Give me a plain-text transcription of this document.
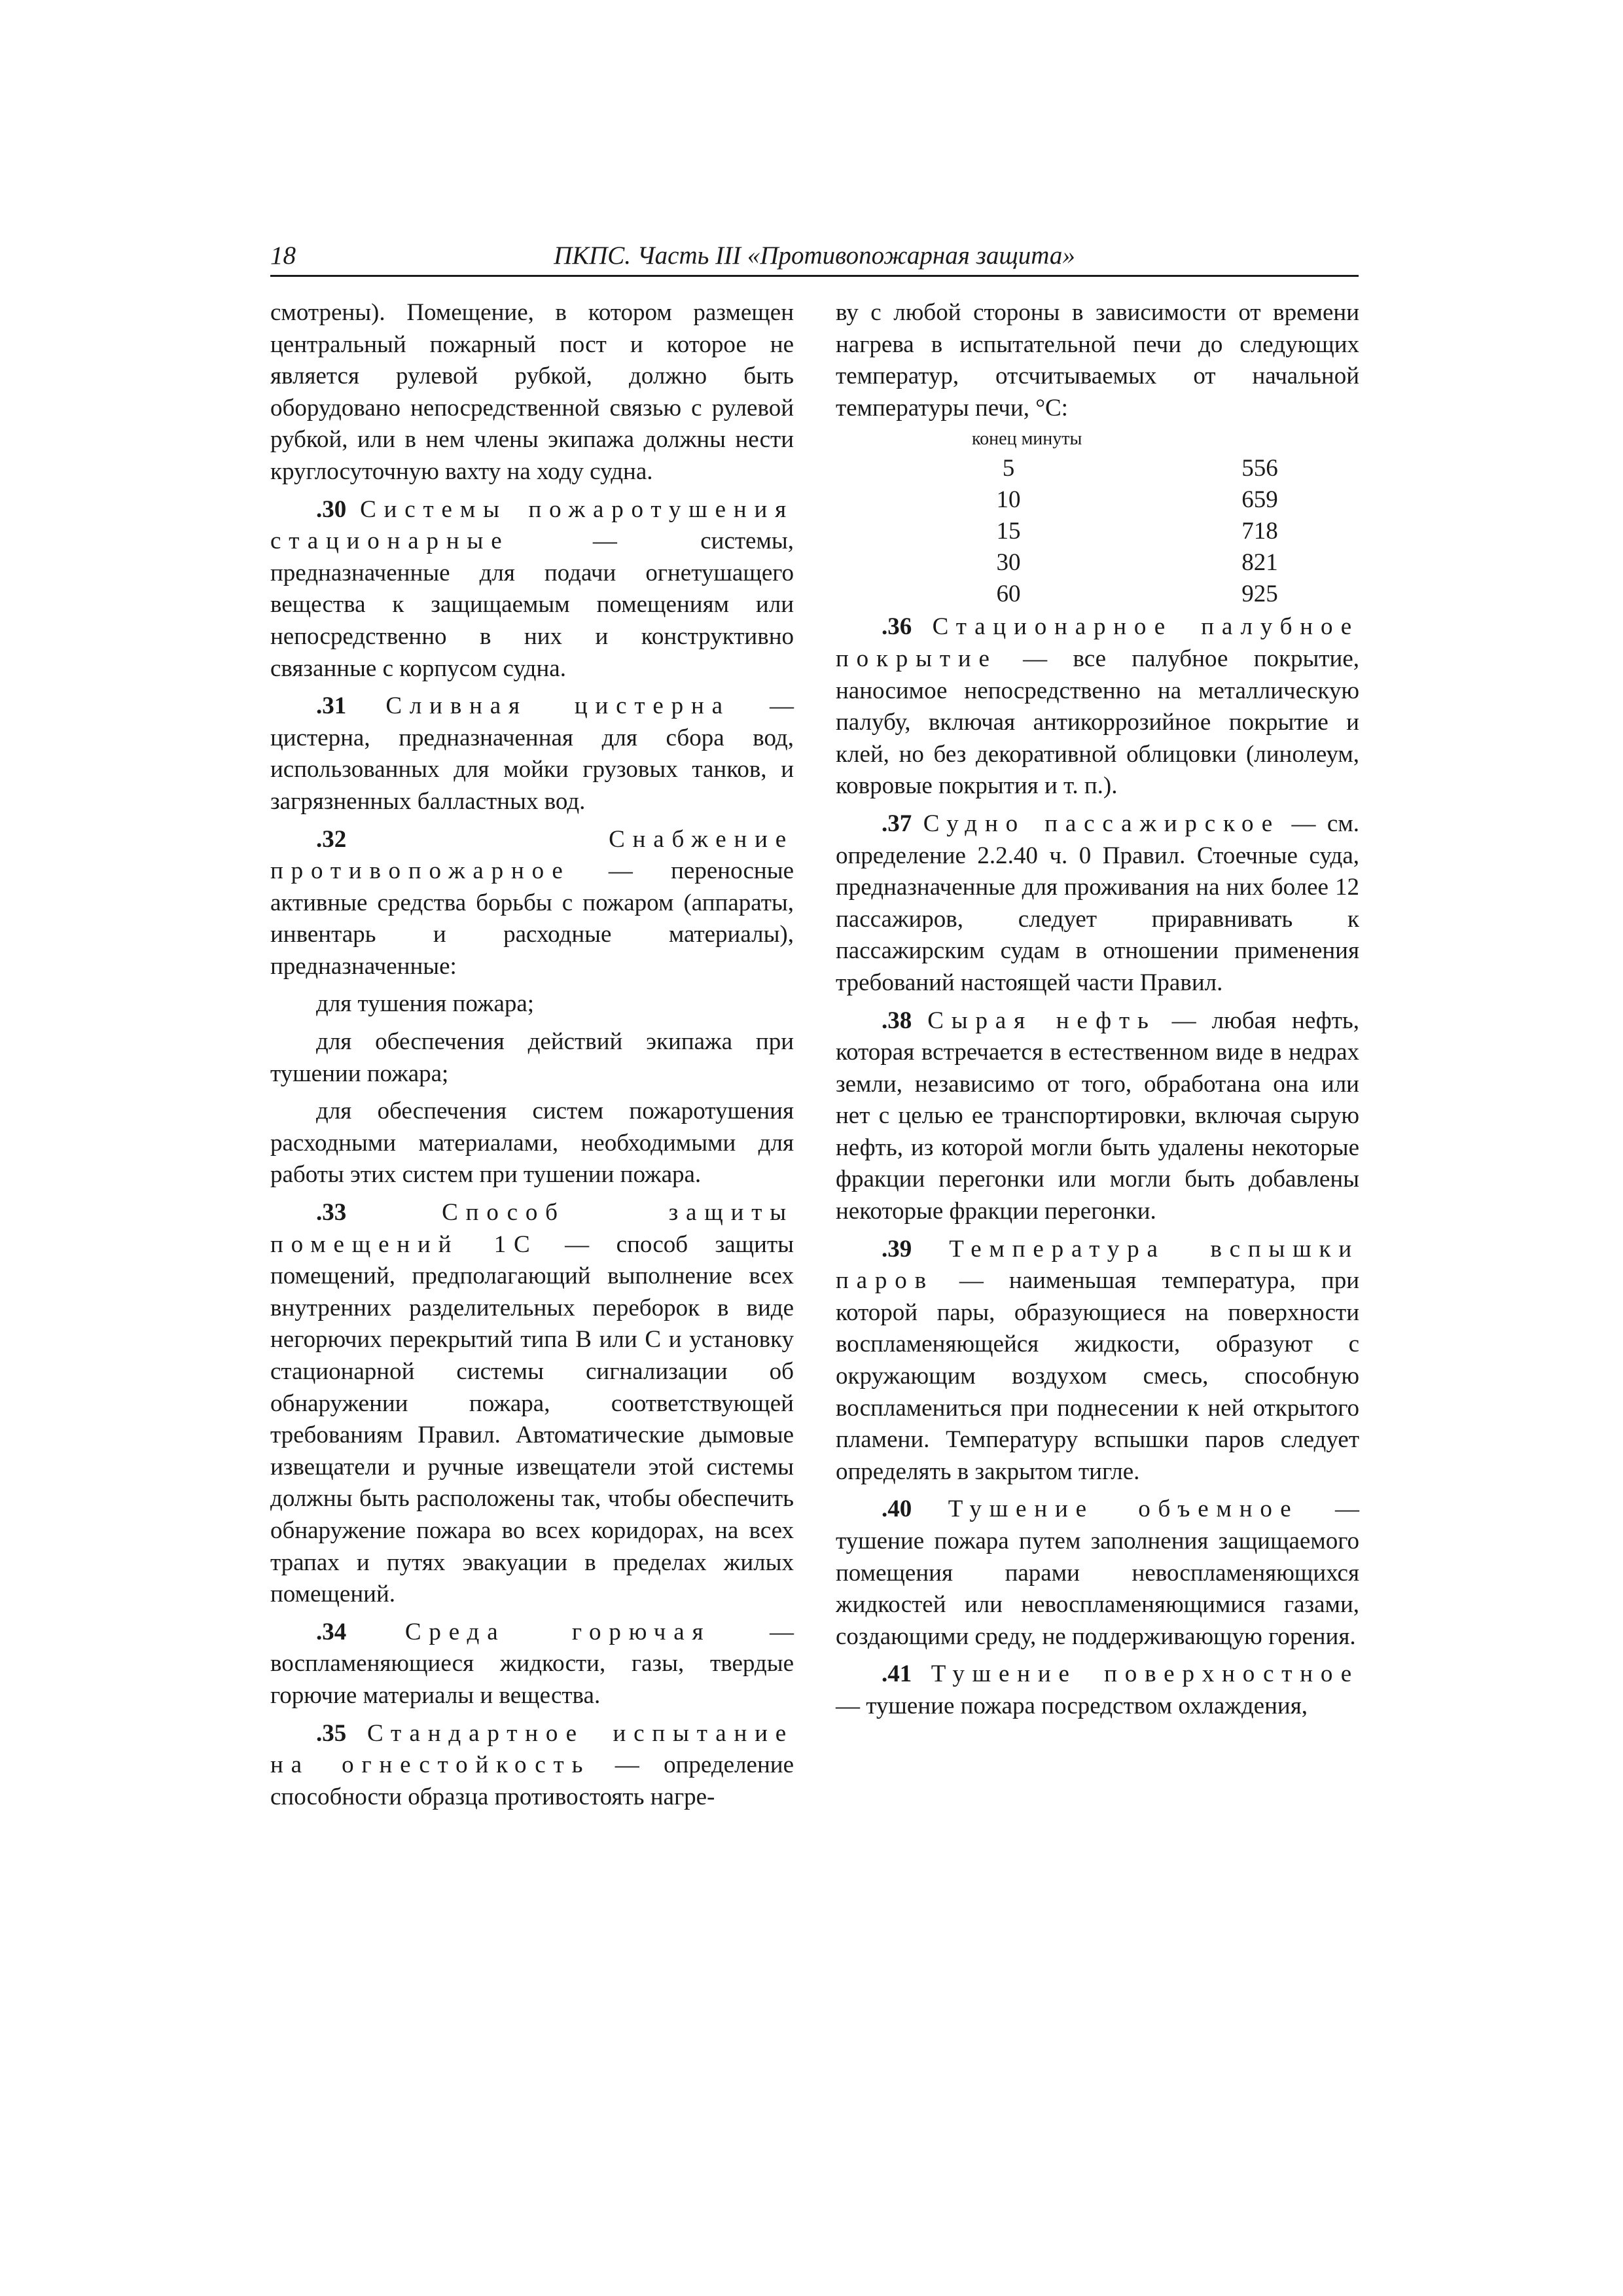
ПКПС. Часть III «Противопожарная защита»
18

смотрены). Помещение, в котором размещен центральный пожарный пост и которое не является рулевой рубкой, должно быть оборудовано непосредственной связью с рулевой рубкой, или в нем члены экипажа должны нести круглосуточную вахту на ходу судна.

.30 Системы пожаротушения стационарные — системы, предназначенные для подачи огнетушащего вещества к защищаемым помещениям или непосредственно в них и конструктивно связанные с корпусом судна.

.31 Сливная цистерна — цистерна, предназначенная для сбора вод, использованных для мойки грузовых танков, и загрязненных балластных вод.

.32	Снабжение противопожарное — переносные активные средства борьбы с пожаром (аппараты, инвентарь и расходные материалы), предназначенные:

для тушения пожара;

для обеспечения действий экипажа при тушении пожара;

для обеспечения систем пожаротушения расходными материалами, необходимыми для работы этих систем при тушении пожара.

.33	Способ защиты помещений 1С — способ защиты помещений, предполагающий выполнение всех внутренних разделительных переборок в виде негорючих перекрытий типа В или С и установку стационарной системы сигнализации об обнаружении пожара, соответствующей требованиям Правил. Автоматические дымовые извещатели и ручные извещатели этой системы должны быть расположены так, чтобы обеспечить обнаружение пожара во всех коридорах, на всех трапах и путях эвакуации в пределах жилых помещений.

.34 Среда горючая — воспламеняющиеся жидкости, газы, твердые горючие материалы и вещества.

.35 Стандартное испытание на огнестойкость — определение способности образца противостоять нагре-

ву с любой стороны в зависимости от времени нагрева в испытательной печи до следующих температур, отсчитываемых от начальной температуры печи, °С:

конец минуты	
5	556
10	659
15	718
30	821
60	925

.36 Стационарное палубное покрытие — все палубное покрытие, наносимое непосредственно на металлическую палубу, включая антикоррозийное покрытие и клей, но без декоративной облицовки (линолеум, ковровые покрытия и т. п.).

.37 Судно пассажирское — см. определение 2.2.40 ч. 0 Правил. Стоечные суда, предназначенные для проживания на них более 12 пассажиров, следует приравнивать к пассажирским судам в отношении применения требований настоящей части Правил.

.38 Сырая нефть — любая нефть, которая встречается в естественном виде в недрах земли, независимо от того, обработана она или нет с целью ее транспортировки, включая сырую нефть, из которой могли быть удалены некоторые фракции перегонки или могли быть добавлены некоторые фракции перегонки.

.39 Температура вспышки паров — наименьшая температура, при которой пары, образующиеся на поверхности воспламеняющейся жидкости, образуют с окружающим воздухом смесь, способную воспламениться при поднесении к ней открытого пламени. Температуру вспышки паров следует определять в закрытом тигле.

.40 Тушение объемное — тушение пожара путем заполнения защищаемого помещения парами невоспламеняющихся жидкостей или невоспламеняющимися газами, создающими среду, не поддерживающую горения.

.41 Тушение поверхностное — тушение пожара посредством охлаждения,
